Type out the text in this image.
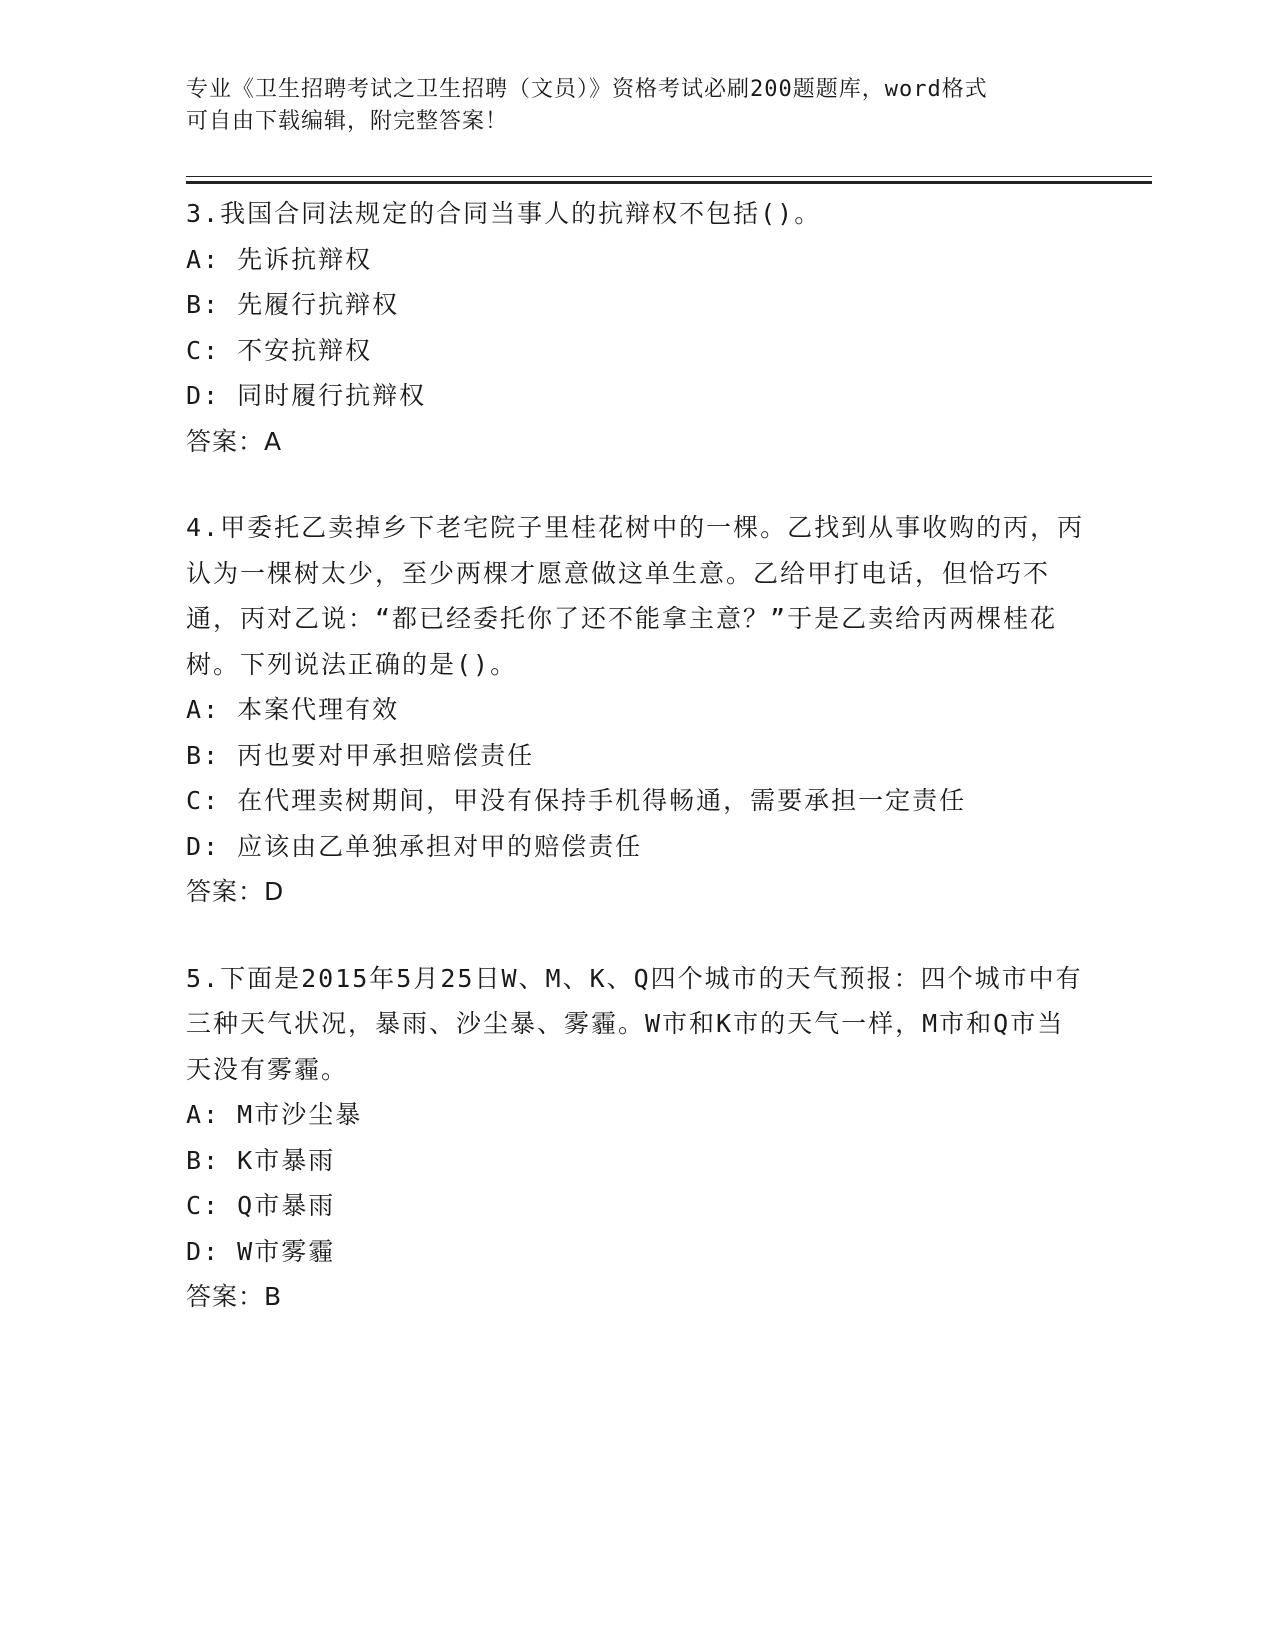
专业《卫生招聘考试之卫生招聘（文员）》资格考试必刷200题题库，word格式
可自由下载编辑，附完整答案！

3.我国合同法规定的合同当事人的抗辩权不包括()。

A: 先诉抗辩权

B: 先履行抗辩权

C: 不安抗辩权

D: 同时履行抗辩权

答案：A

4.甲委托乙卖掉乡下老宅院子里桂花树中的一棵。乙找到从事收购的丙，丙认为一棵树太少，至少两棵才愿意做这单生意。乙给甲打电话，但恰巧不通，丙对乙说：“都已经委托你了还不能拿主意？”于是乙卖给丙两棵桂花树。下列说法正确的是()。

A: 本案代理有效

B: 丙也要对甲承担赔偿责任

C: 在代理卖树期间，甲没有保持手机得畅通，需要承担一定责任

D: 应该由乙单独承担对甲的赔偿责任

答案：D

5.下面是2015年5月25日W、M、K、Q四个城市的天气预报：四个城市中有三种天气状况，暴雨、沙尘暴、雾霾。W市和K市的天气一样，M市和Q市当天没有雾霾。

A: M市沙尘暴

B: K市暴雨

C: Q市暴雨

D: W市雾霾

答案：B
